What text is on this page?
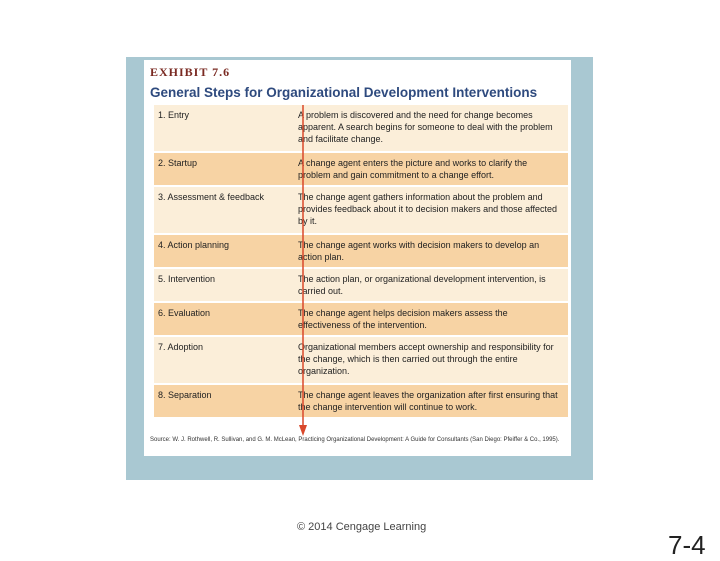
EXHIBIT 7.6
General Steps for Organizational Development Interventions
1. Entry	A problem is discovered and the need for change becomes apparent. A search begins for someone to deal with the problem and facilitate change.
2. Startup	A change agent enters the picture and works to clarify the problem and gain commitment to a change effort.
3. Assessment & feedback	The change agent gathers information about the problem and provides feedback about it to decision makers and those affected by it.
4. Action planning	The change agent works with decision makers to develop an action plan.
5. Intervention	The action plan, or organizational development intervention, is carried out.
6. Evaluation	The change agent helps decision makers assess the effectiveness of the intervention.
7. Adoption	Organizational members accept ownership and responsibility for the change, which is then carried out through the entire organization.
8. Separation	The change agent leaves the organization after first ensuring that the change intervention will continue to work.
Source: W. J. Rothwell, R. Sullivan, and G. M. McLean, Practicing Organizational Development: A Guide for Consultants (San Diego: Pfeiffer & Co., 1995).
© 2014 Cengage Learning
7-4
